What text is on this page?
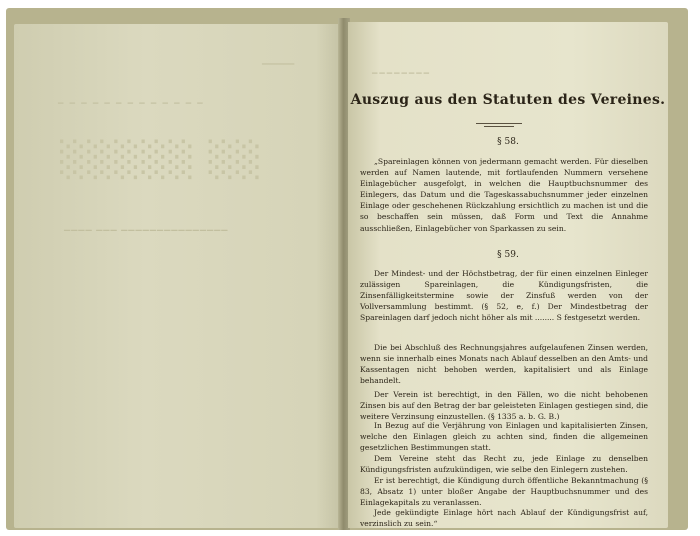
▔▔▔▔▔▔
▁ ▁ ▁ ▁ ▁ ▁ ▁ ▁ ▁ ▁ ▁ ▁ ▁
░░░░░ ░░
▁▁▁▁ ▁▁▁ ▁▁▁▁▁▁▁▁▁▁▁▁▁▁▁
▁▁▁▁▁▁▁▁
Auszug aus den Statuten des Vereines.
§ 58.

„Spareinlagen können von jedermann gemacht werden. Für dieselben werden auf Namen lautende, mit fortlaufenden Nummern versehene Einlagebücher ausgefolgt, in welchen die Hauptbuchsnummer des Einlegers, das Datum und die Tageskassabuchsnummer jeder einzelnen Einlage oder geschehenen Rückzahlung ersichtlich zu machen ist und die so beschaffen sein müssen, daß Form und Text die Annahme ausschließen, Einlagebücher von Sparkassen zu sein.

§ 59.

Der Mindest- und der Höchstbetrag, der für einen einzelnen Einleger zulässigen Spareinlagen, die Kündigungsfristen, die Zinsenfälligkeitstermine sowie der Zinsfuß werden von der Vollversammlung bestimmt. (§ 52, e, f.) Der Mindestbetrag der Spareinlagen darf jedoch nicht höher als mit ........ S festgesetzt werden.

Die bei Abschluß des Rechnungsjahres aufgelaufenen Zinsen werden, wenn sie innerhalb eines Monats nach Ablauf desselben an den Amts- und Kassentagen nicht behoben werden, kapitalisiert und als Einlage behandelt.

Der Verein ist berechtigt, in den Fällen, wo die nicht behobenen Zinsen bis auf den Betrag der bar geleisteten Einlagen gestiegen sind, die weitere Verzinsung einzustellen. (§ 1335 a. b. G. B.)

In Bezug auf die Verjährung von Einlagen und kapitalisierten Zinsen, welche den Einlagen gleich zu achten sind, finden die allgemeinen gesetzlichen Bestimmungen statt.

Dem Vereine steht das Recht zu, jede Einlage zu denselben Kündigungsfristen aufzukündigen, wie selbe den Einlegern zustehen.

Er ist berechtigt, die Kündigung durch öffentliche Bekanntmachung (§ 83, Absatz 1) unter bloßer Angabe der Hauptbuchsnummer und des Einlagekapitals zu veranlassen.

Jede gekündigte Einlage hört nach Ablauf der Kündigungsfrist auf, verzinslich zu sein.“
